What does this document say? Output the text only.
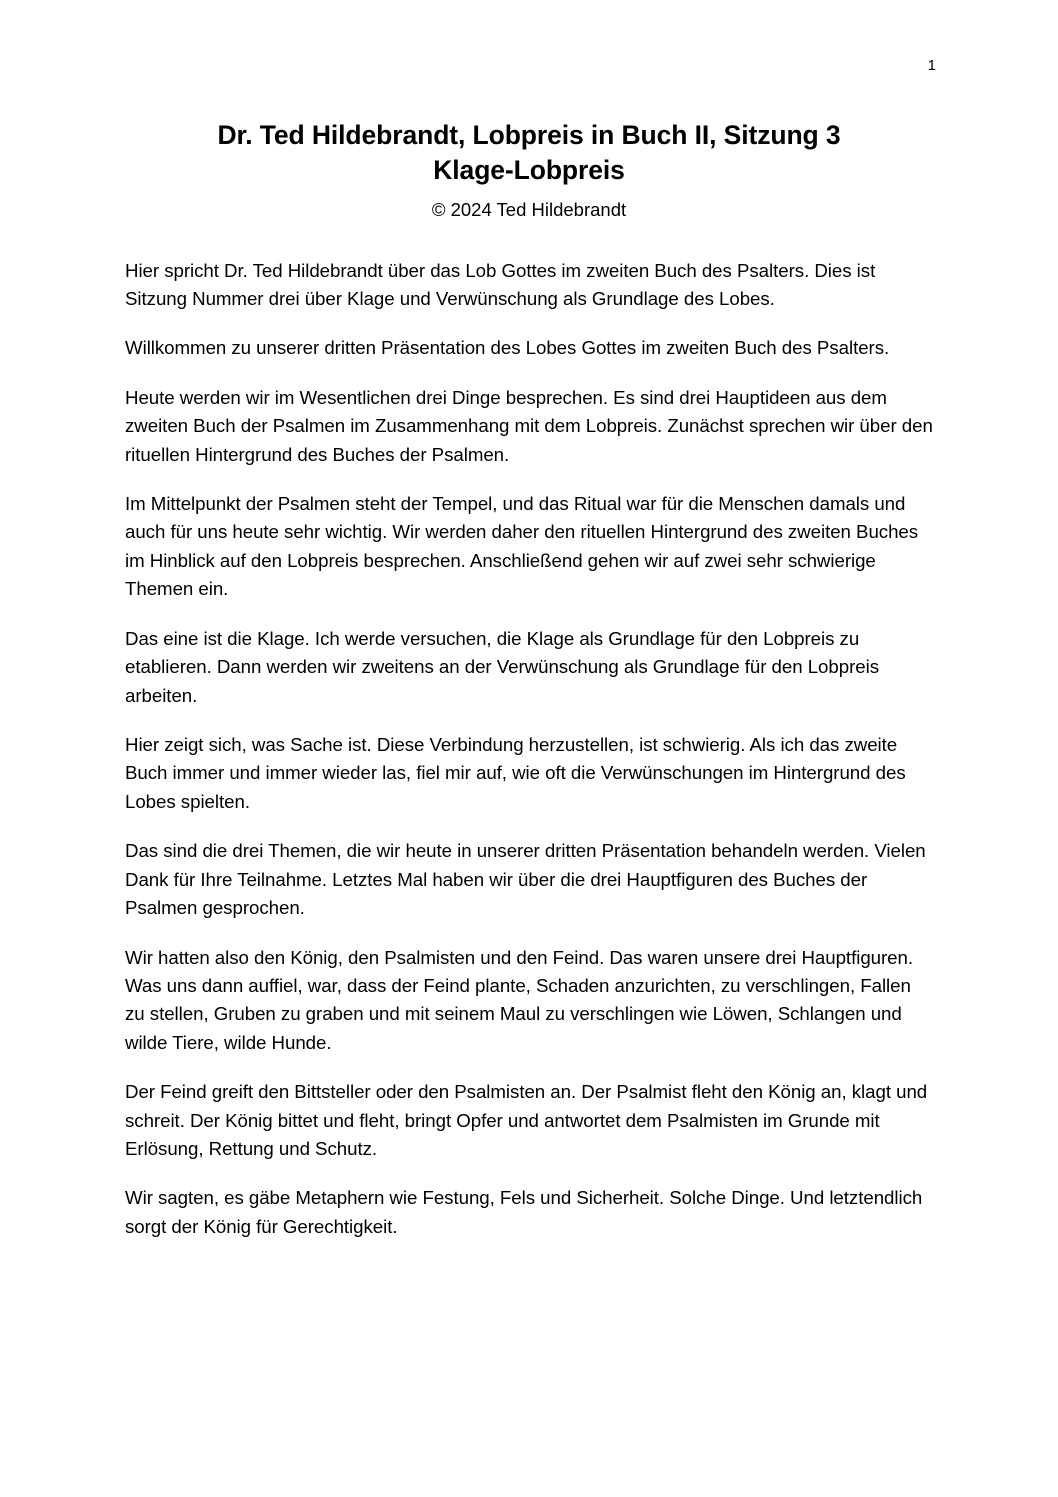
1
Dr. Ted Hildebrandt, Lobpreis in Buch II, Sitzung 3
Klage-Lobpreis
© 2024 Ted Hildebrandt

Hier spricht Dr. Ted Hildebrandt über das Lob Gottes im zweiten Buch des Psalters. Dies ist Sitzung Nummer drei über Klage und Verwünschung als Grundlage des Lobes.

Willkommen zu unserer dritten Präsentation des Lobes Gottes im zweiten Buch des Psalters.

Heute werden wir im Wesentlichen drei Dinge besprechen. Es sind drei Hauptideen aus dem zweiten Buch der Psalmen im Zusammenhang mit dem Lobpreis. Zunächst sprechen wir über den rituellen Hintergrund des Buches der Psalmen.

Im Mittelpunkt der Psalmen steht der Tempel, und das Ritual war für die Menschen damals und auch für uns heute sehr wichtig. Wir werden daher den rituellen Hintergrund des zweiten Buches im Hinblick auf den Lobpreis besprechen. Anschließend gehen wir auf zwei sehr schwierige Themen ein.

Das eine ist die Klage. Ich werde versuchen, die Klage als Grundlage für den Lobpreis zu etablieren. Dann werden wir zweitens an der Verwünschung als Grundlage für den Lobpreis arbeiten.

Hier zeigt sich, was Sache ist. Diese Verbindung herzustellen, ist schwierig. Als ich das zweite Buch immer und immer wieder las, fiel mir auf, wie oft die Verwünschungen im Hintergrund des Lobes spielten.

Das sind die drei Themen, die wir heute in unserer dritten Präsentation behandeln werden. Vielen Dank für Ihre Teilnahme. Letztes Mal haben wir über die drei Hauptfiguren des Buches der Psalmen gesprochen.

Wir hatten also den König, den Psalmisten und den Feind. Das waren unsere drei Hauptfiguren. Was uns dann auffiel, war, dass der Feind plante, Schaden anzurichten, zu verschlingen, Fallen zu stellen, Gruben zu graben und mit seinem Maul zu verschlingen wie Löwen, Schlangen und wilde Tiere, wilde Hunde.

Der Feind greift den Bittsteller oder den Psalmisten an. Der Psalmist fleht den König an, klagt und schreit. Der König bittet und fleht, bringt Opfer und antwortet dem Psalmisten im Grunde mit Erlösung, Rettung und Schutz.

Wir sagten, es gäbe Metaphern wie Festung, Fels und Sicherheit. Solche Dinge. Und letztendlich sorgt der König für Gerechtigkeit.
